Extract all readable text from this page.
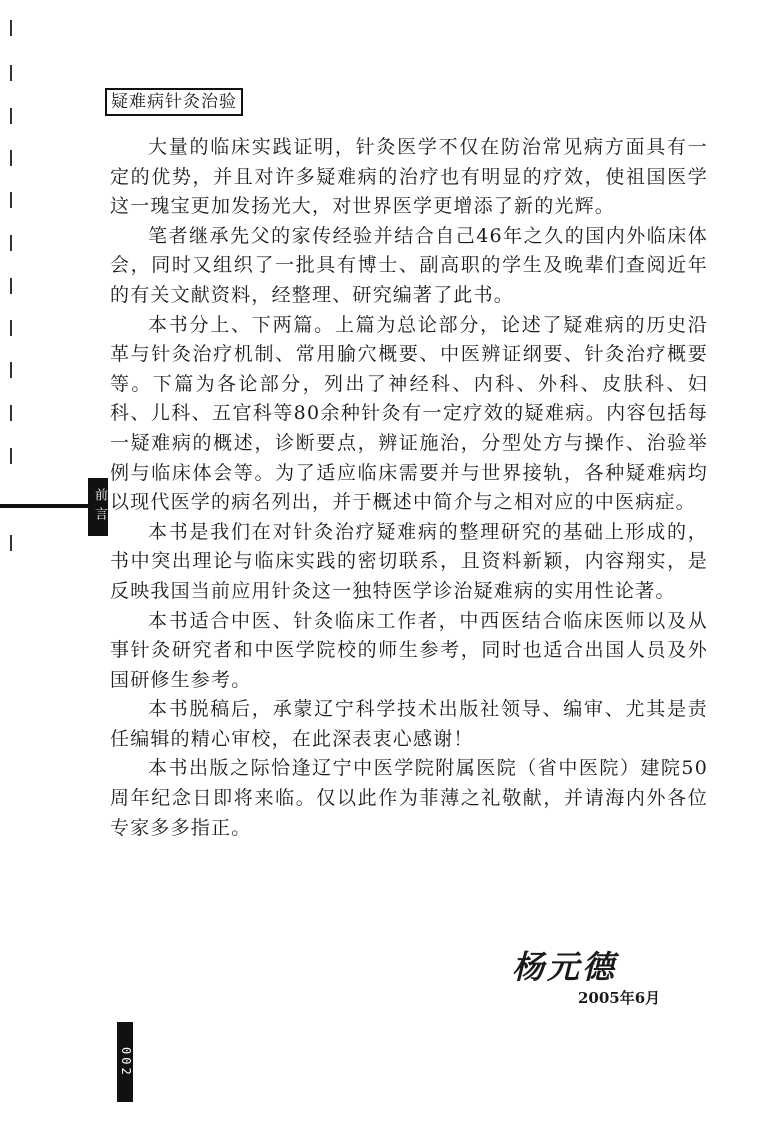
前言
疑难病针灸治验

大量的临床实践证明，针灸医学不仅在防治常见病方面具有一定的优势，并且对许多疑难病的治疗也有明显的疗效，使祖国医学这一瑰宝更加发扬光大，对世界医学更增添了新的光辉。

笔者继承先父的家传经验并结合自己46年之久的国内外临床体会，同时又组织了一批具有博士、副高职的学生及晚辈们查阅近年的有关文献资料，经整理、研究编著了此书。

本书分上、下两篇。上篇为总论部分，论述了疑难病的历史沿革与针灸治疗机制、常用腧穴概要、中医辨证纲要、针灸治疗概要等。下篇为各论部分，列出了神经科、内科、外科、皮肤科、妇科、儿科、五官科等80余种针灸有一定疗效的疑难病。内容包括每一疑难病的概述，诊断要点，辨证施治，分型处方与操作、治验举例与临床体会等。为了适应临床需要并与世界接轨，各种疑难病均以现代医学的病名列出，并于概述中简介与之相对应的中医病症。

本书是我们在对针灸治疗疑难病的整理研究的基础上形成的，书中突出理论与临床实践的密切联系，且资料新颖，内容翔实，是反映我国当前应用针灸这一独特医学诊治疑难病的实用性论著。

本书适合中医、针灸临床工作者，中西医结合临床医师以及从事针灸研究者和中医学院校的师生参考，同时也适合出国人员及外国研修生参考。

本书脱稿后，承蒙辽宁科学技术出版社领导、编审、尤其是责任编辑的精心审校，在此深表衷心感谢！

本书出版之际恰逢辽宁中医学院附属医院（省中医院）建院50周年纪念日即将来临。仅以此作为菲薄之礼敬献，并请海内外各位专家多多指正。

杨元德
2005年6月
002
